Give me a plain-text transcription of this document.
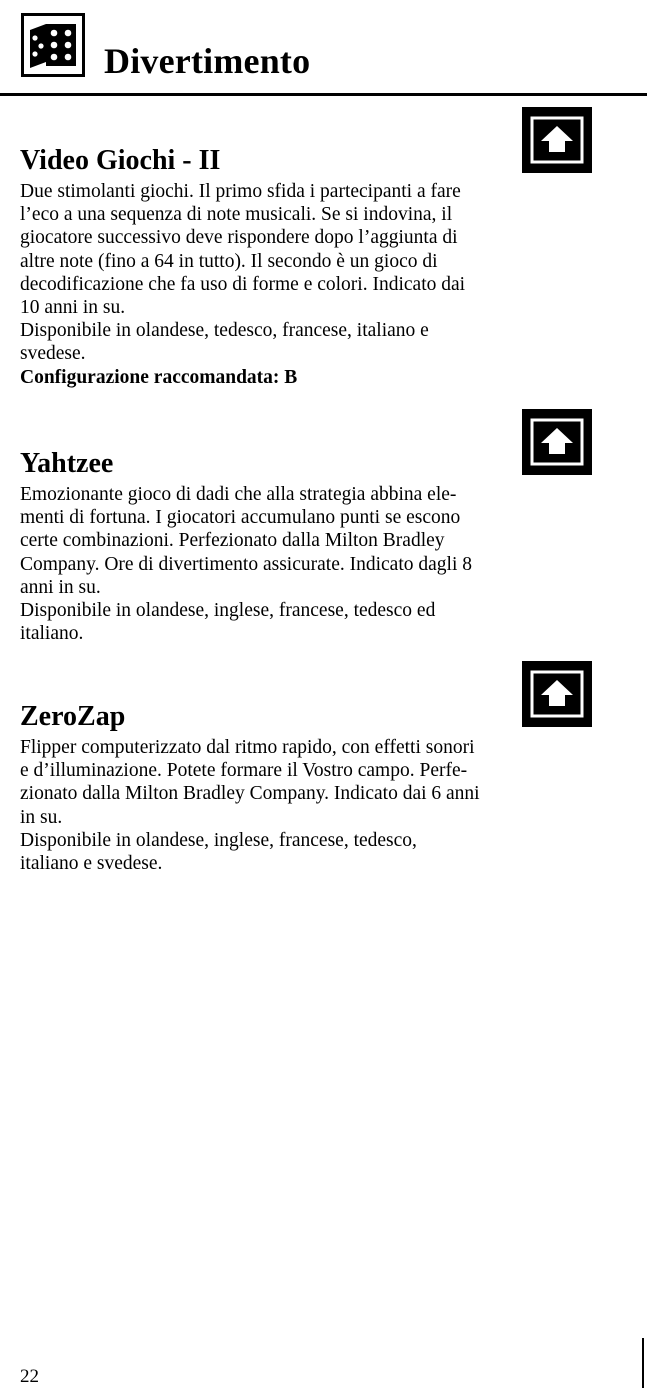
Divertimento
Video Giochi - II
Due stimolanti giochi. Il primo sfida i partecipanti a fare
l’eco a una sequenza di note musicali. Se si indovina, il
giocatore successivo deve rispondere dopo l’aggiunta di
altre note (fino a 64 in tutto). Il secondo è un gioco di
decodificazione che fa uso di forme e colori. Indicato dai
10 anni in su.
Disponibile in olandese, tedesco, francese, italiano e
svedese.
Configurazione raccomandata: B
Yahtzee
Emozionante gioco di dadi che alla strategia abbina ele-
menti di fortuna. I giocatori accumulano punti se escono
certe combinazioni. Perfezionato dalla Milton Bradley
Company. Ore di divertimento assicurate. Indicato dagli 8
anni in su.
Disponibile in olandese, inglese, francese, tedesco ed
italiano.
ZeroZap
Flipper computerizzato dal ritmo rapido, con effetti sonori
e d’illuminazione. Potete formare il Vostro campo. Perfe-
zionato dalla Milton Bradley Company. Indicato dai 6 anni
in su.
Disponibile in olandese, inglese, francese, tedesco,
italiano e svedese.
22
